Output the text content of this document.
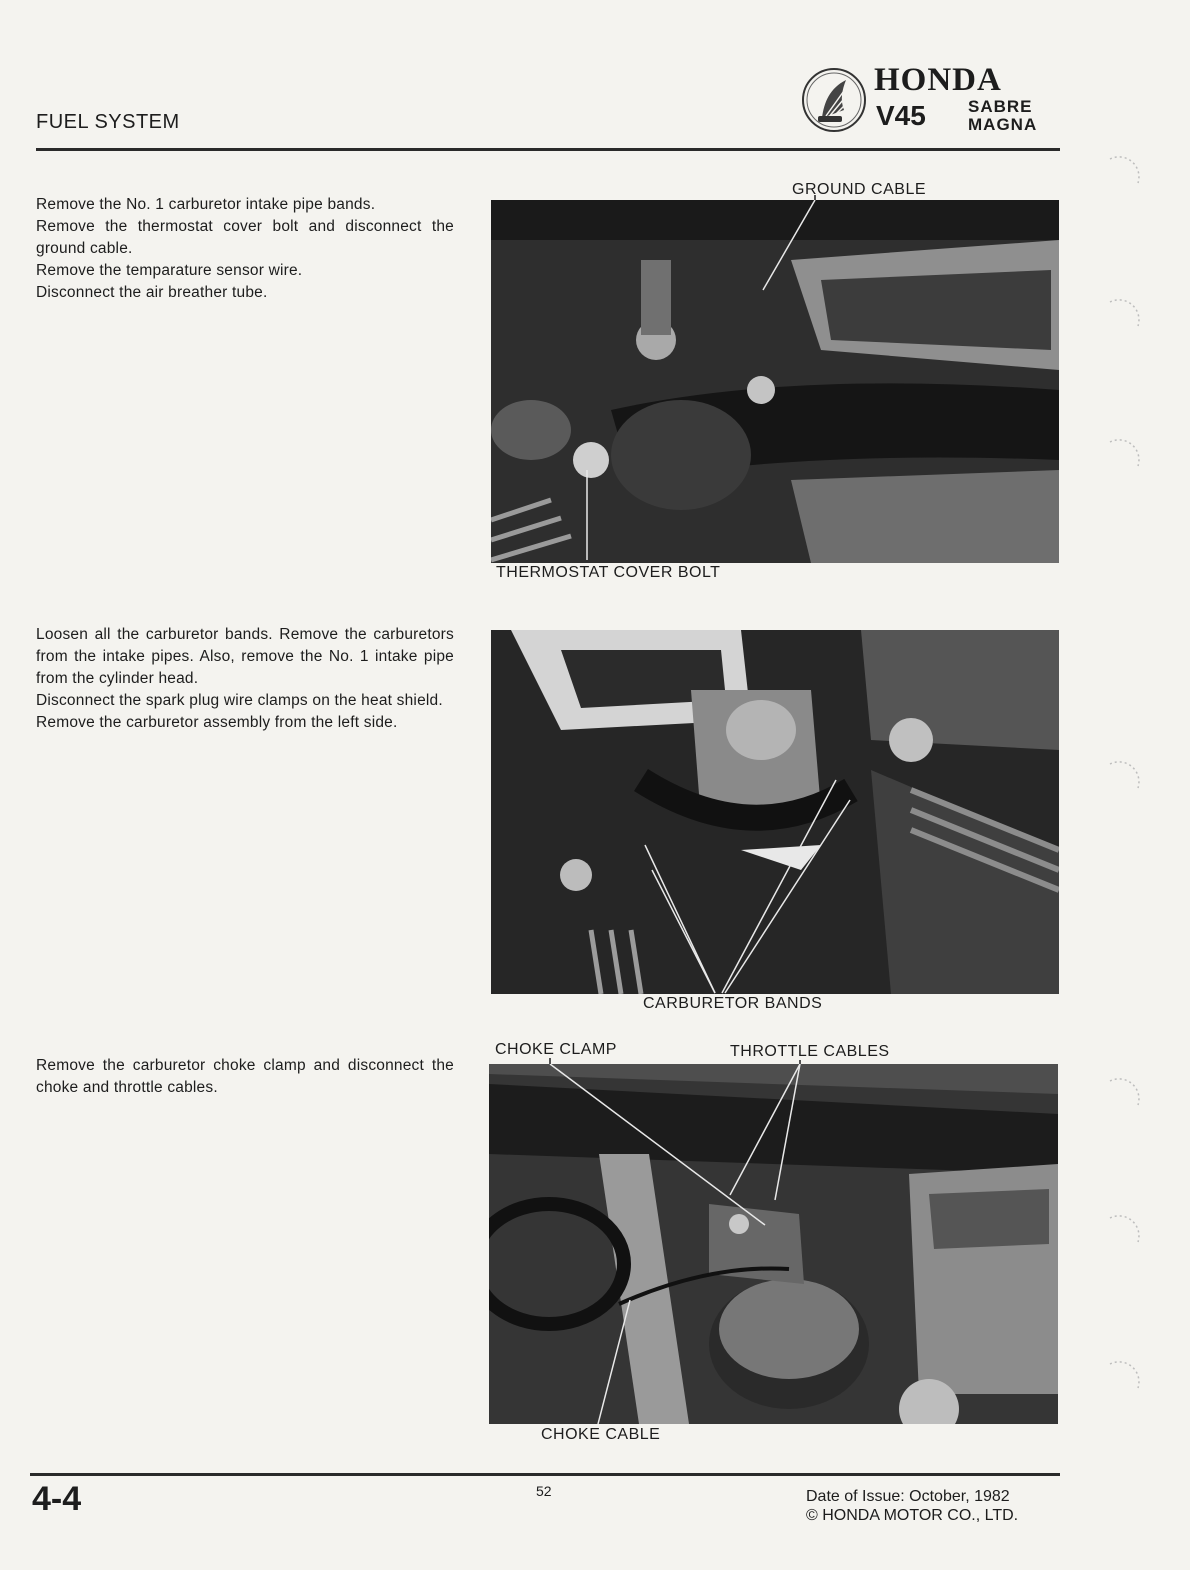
FUEL SYSTEM
HONDA
V45 SABRE
MAGNA

Remove the No. 1 carburetor intake pipe bands.

Remove the thermostat cover bolt and disconnect the ground cable.

Remove the temparature sensor wire.

Disconnect the air breather tube.

GROUND CABLE
THERMOSTAT COVER BOLT

Loosen all the carburetor bands. Remove the carburetors from the intake pipes. Also, remove the No. 1 intake pipe from the cylinder head.

Disconnect the spark plug wire clamps on the heat shield.

Remove the carburetor assembly from the left side.

CARBURETOR BANDS

Remove the carburetor choke clamp and disconnect the choke and throttle cables.

CHOKE CLAMP	THROTTLE CABLES
CHOKE CABLE
4-4	52	Date of Issue: October, 1982
© HONDA MOTOR CO., LTD.
